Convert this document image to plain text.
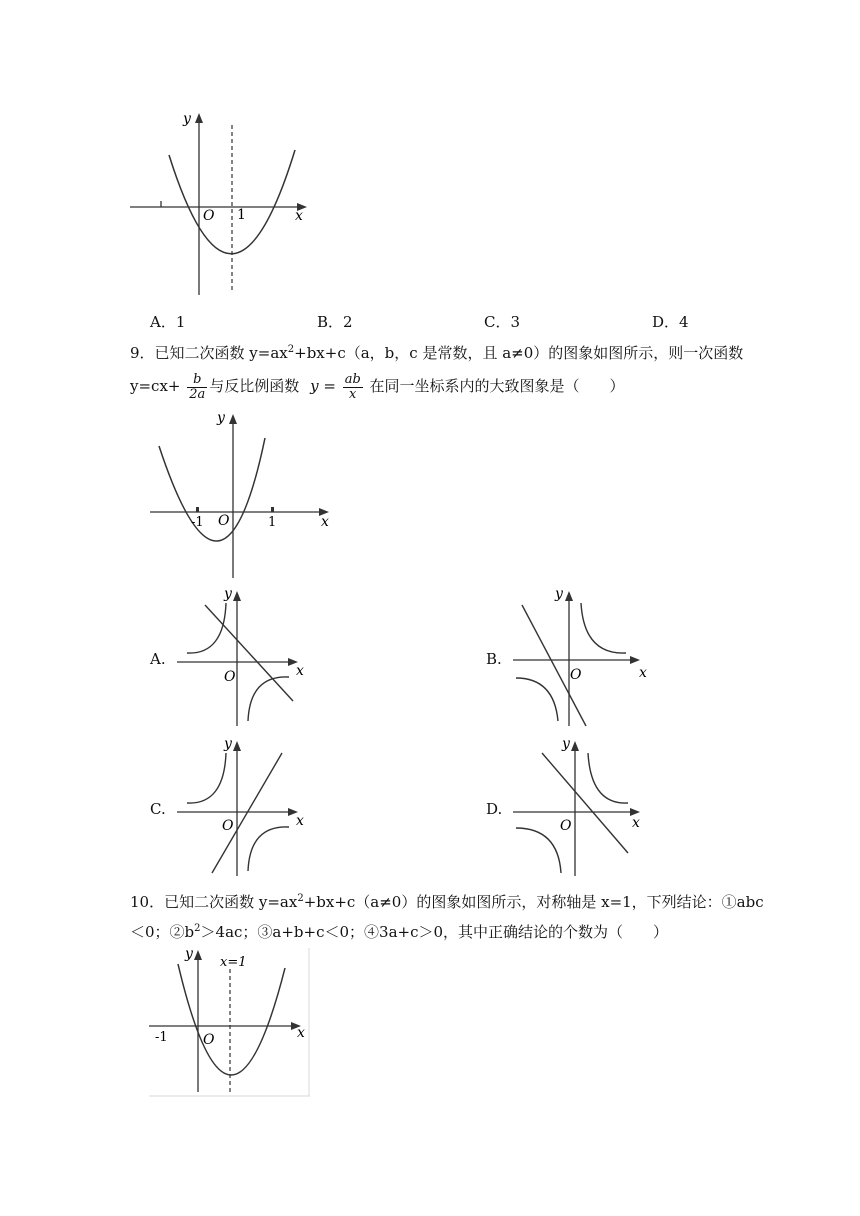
y
x
O 1
A．1	B．2	C．3	D．4
9．已知二次函数 $y=ax^2+bx+c(a$，b，c 是常数，且 a≠0）的图象如图所示，则一次函数
$y=cx+ \frac{b}{2a}$ 与反比例函数 $y = \frac{ab}{x}$ 在同一坐标系内的大致图象是（　　）
y
x
O
-1	1
A.
y
x
O
B.
y
x
O
C.
y
x
O
D.
y
x
O
10．已知二次函数 $y=ax^2+bx+c(a\ne 0)$的图象如图所示，对称轴是 x=1，下列结论：①abc
＜0；$②b^2>4ac$；③a+b+c＜0；④3a+c＞0，其中正确结论的个数为（　　）
y
x=1
x
O
-1
